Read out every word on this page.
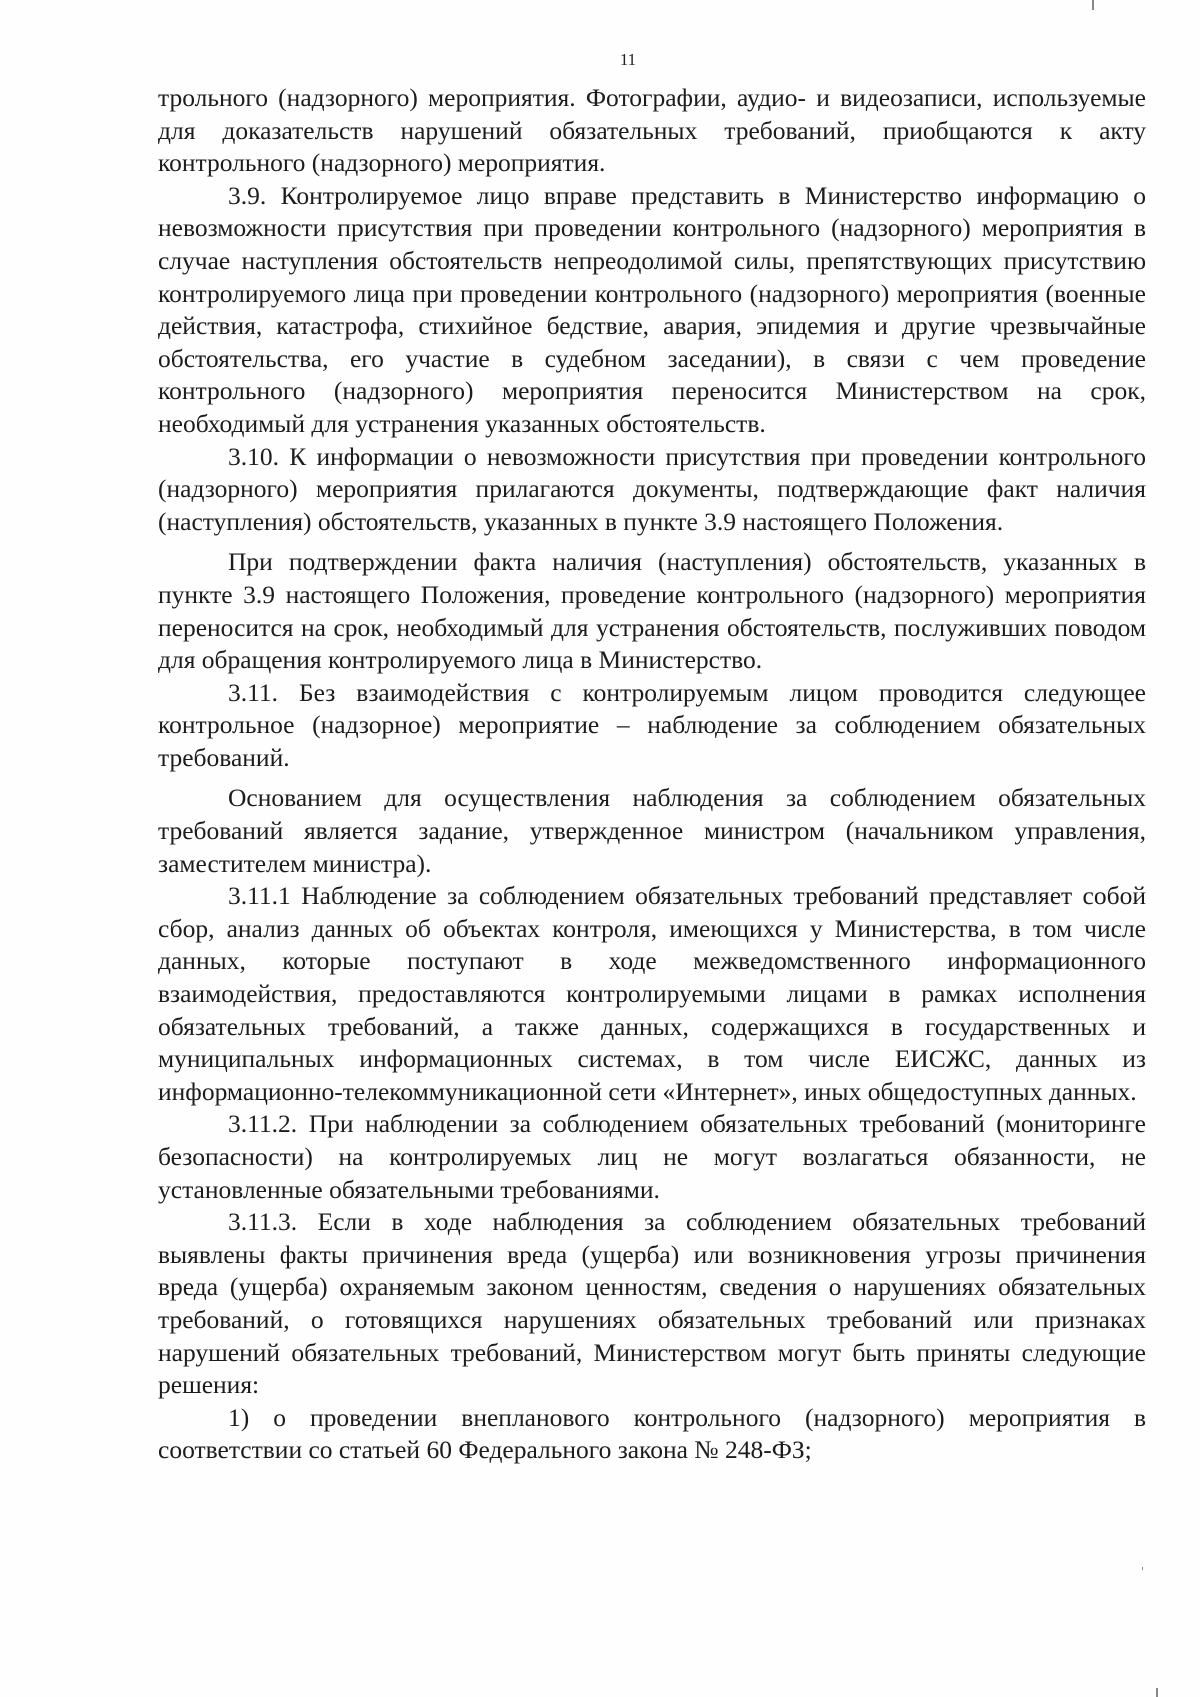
11

трольного (надзорного) мероприятия. Фотографии, аудио- и видеозаписи, используемые для доказательств нарушений обязательных требований, приобщаются к акту контрольного (надзорного) мероприятия.

3.9. Контролируемое лицо вправе представить в Министерство информацию о невозможности присутствия при проведении контрольного (надзорного) мероприятия в случае наступления обстоятельств непреодолимой силы, препятствующих присутствию контролируемого лица при проведении контрольного (надзорного) мероприятия (военные действия, катастрофа, стихийное бедствие, авария, эпидемия и другие чрезвычайные обстоятельства, его участие в судебном заседании), в связи с чем проведение контрольного (надзорного) мероприятия переносится Министерством на срок, необходимый для устранения указанных обстоятельств.

3.10. К информации о невозможности присутствия при проведении контрольного (надзорного) мероприятия прилагаются документы, подтверждающие факт наличия (наступления) обстоятельств, указанных в пункте 3.9 настоящего Положения.

При подтверждении факта наличия (наступления) обстоятельств, указанных в пункте 3.9 настоящего Положения, проведение контрольного (надзорного) мероприятия переносится на срок, необходимый для устранения обстоятельств, послуживших поводом для обращения контролируемого лица в Министерство.

3.11. Без взаимодействия с контролируемым лицом проводится следующее контрольное (надзорное) мероприятие – наблюдение за соблюдением обязательных требований.

Основанием для осуществления наблюдения за соблюдением обязательных требований является задание, утвержденное министром (начальником управления, заместителем министра).

3.11.1 Наблюдение за соблюдением обязательных требований представляет собой сбор, анализ данных об объектах контроля, имеющихся у Министерства, в том числе данных, которые поступают в ходе межведомственного информационного взаимодействия, предоставляются контролируемыми лицами в рамках исполнения обязательных требований, а также данных, содержащихся в государственных и муниципальных информационных системах, в том числе ЕИСЖС, данных из информационно-телекоммуникационной сети «Интернет», иных общедоступных данных.

3.11.2. При наблюдении за соблюдением обязательных требований (мониторинге безопасности) на контролируемых лиц не могут возлагаться обязанности, не установленные обязательными требованиями.

3.11.3. Если в ходе наблюдения за соблюдением обязательных требований выявлены факты причинения вреда (ущерба) или возникновения угрозы причинения вреда (ущерба) охраняемым законом ценностям, сведения о нарушениях обязательных требований, о готовящихся нарушениях обязательных требований или признаках нарушений обязательных требований, Министерством могут быть приняты следующие решения:

1) о проведении внепланового контрольного (надзорного) мероприятия в соответствии со статьей 60 Федерального закона № 248-ФЗ;
